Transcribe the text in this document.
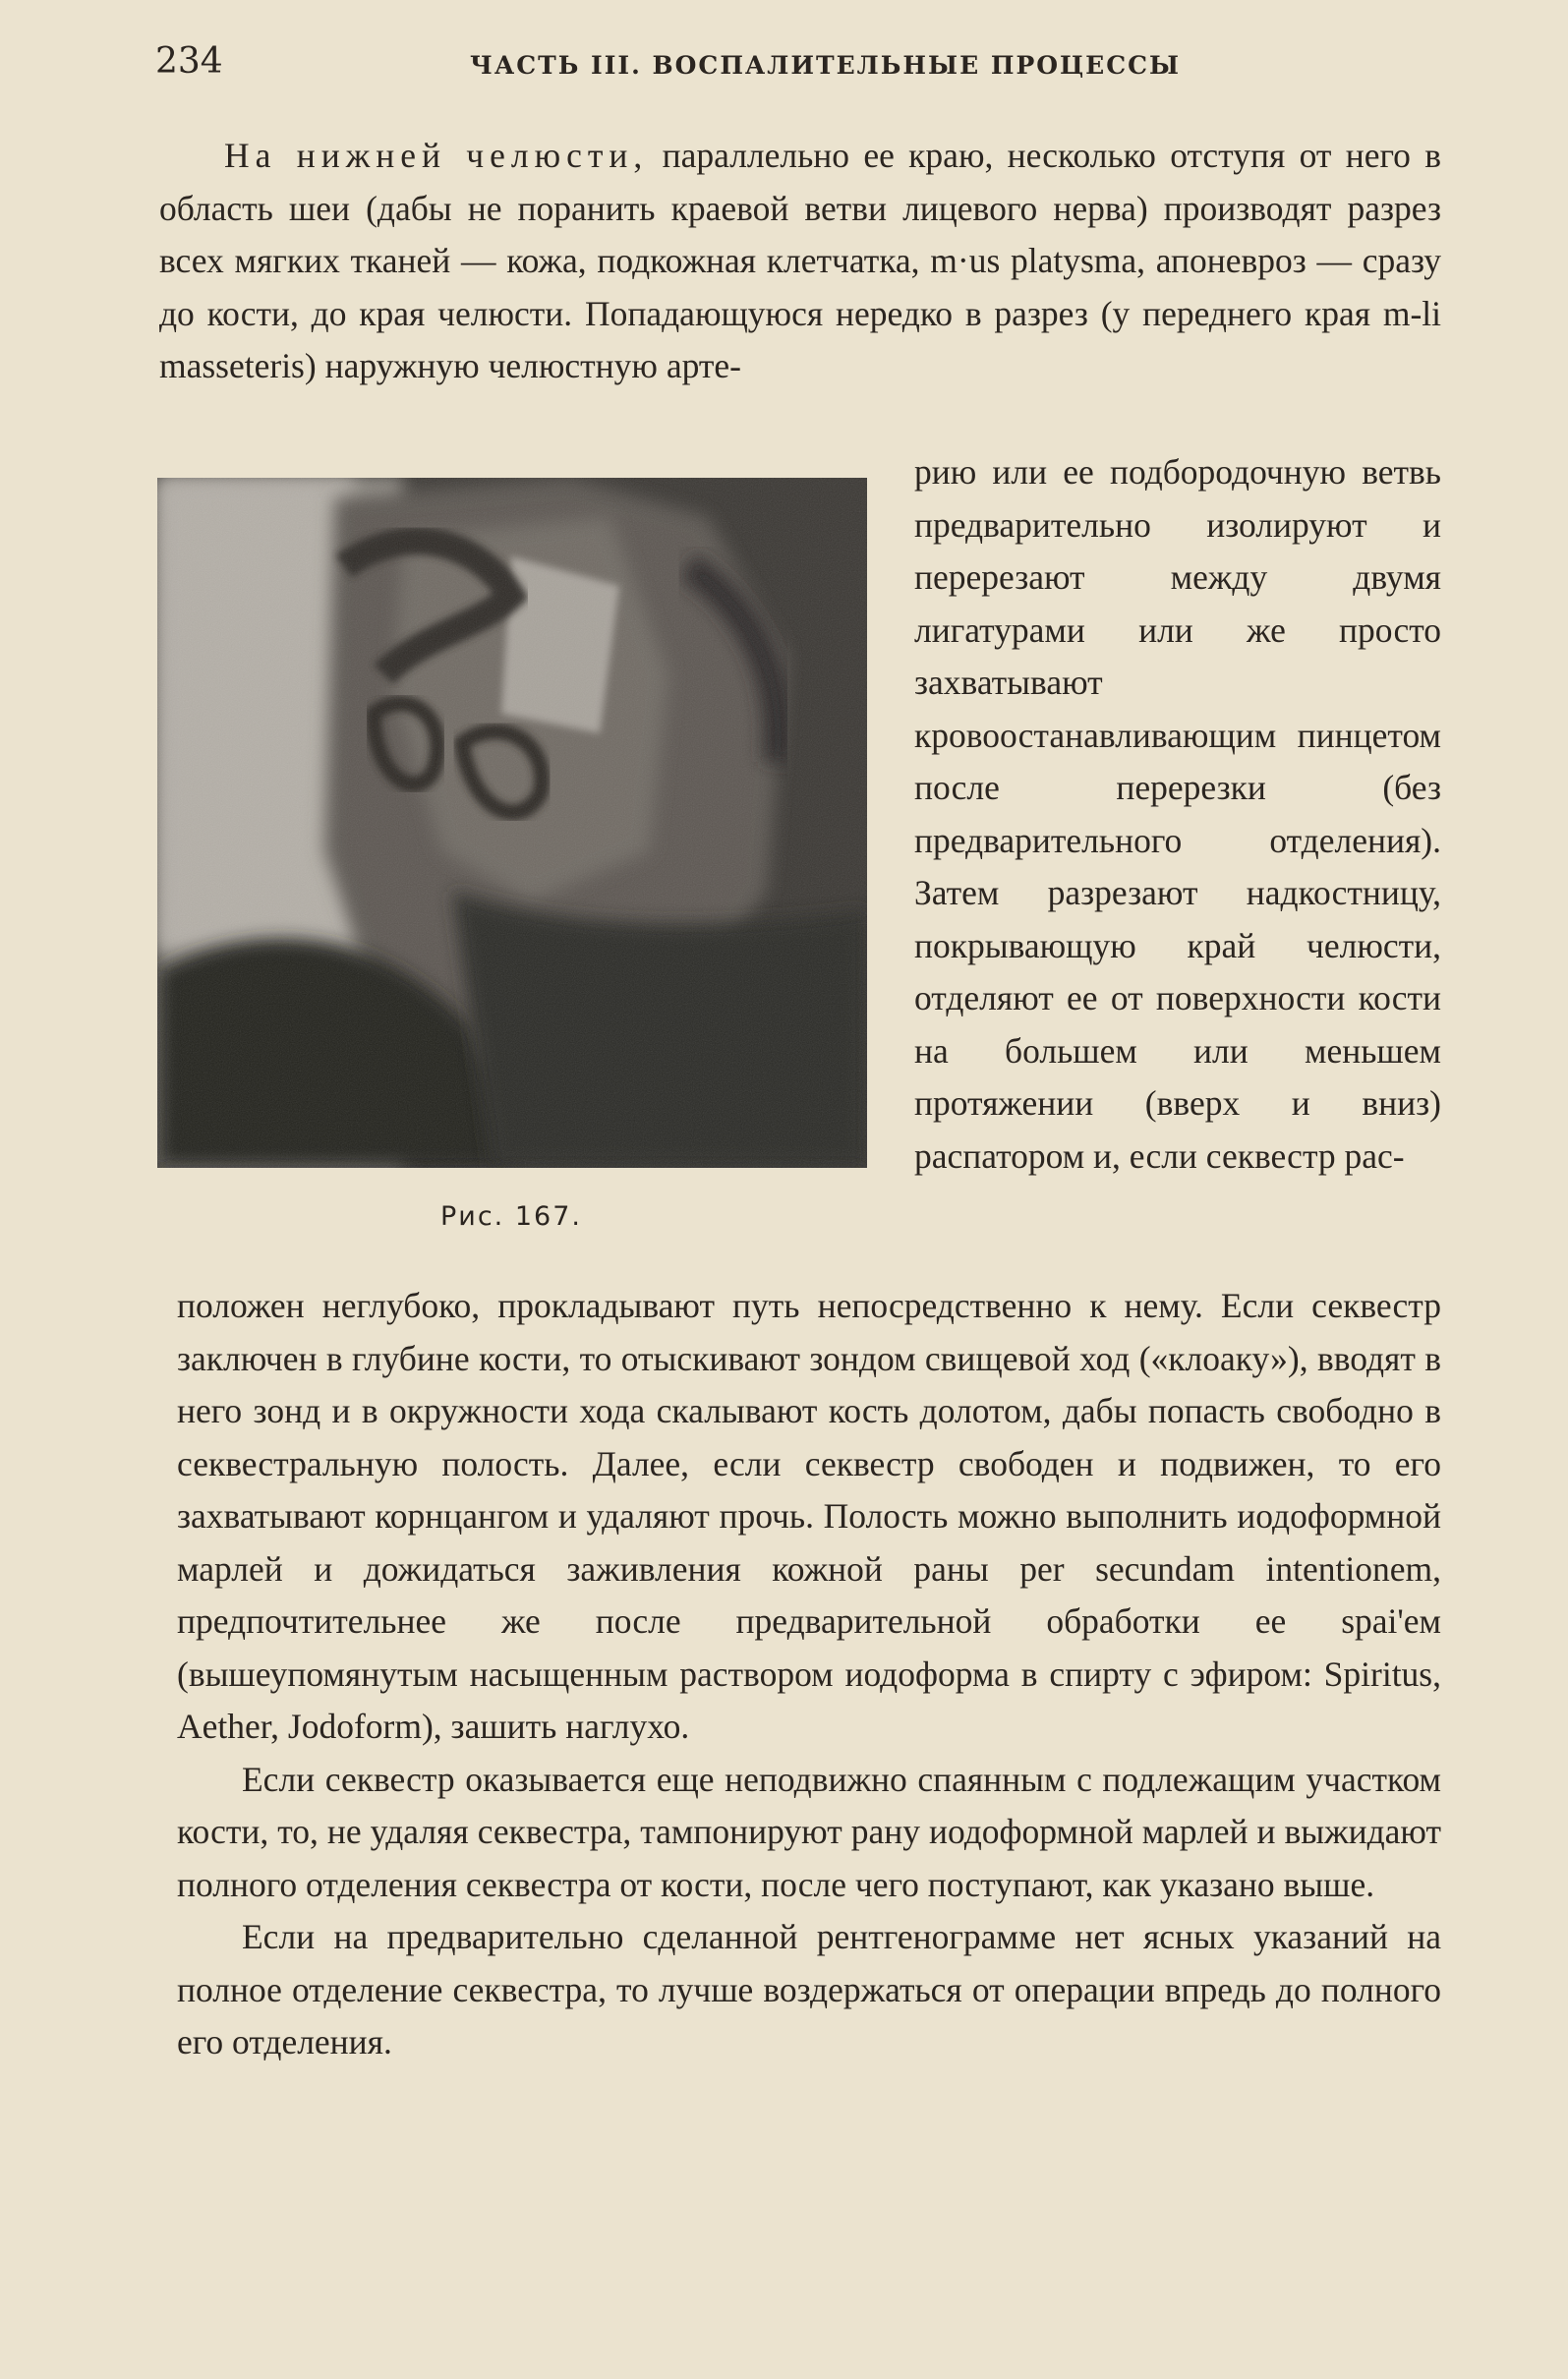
234	ЧАСТЬ III. ВОСПАЛИТЕЛЬНЫЕ ПРОЦЕССЫ

На нижней челюсти, параллельно ее краю, несколько отступя от него в область шеи (дабы не поранить краевой ветви лицевого нерва) производят разрез всех мягких тканей — кожа, подкожная клетчатка, m·us platysma, апоневроз — сразу до кости, до края челюсти. Попадающуюся нередко в разрез (у переднего края m-li masseteris) наружную челюстную арте-

Рис. 167.

рию или ее подбородочную ветвь предварительно изолируют и перерезают между двумя лигатурами или же просто захватывают кровоостанавливающим пинцетом после перерезки (без предварительного отделения). Затем разрезают надкостницу, покрывающую край челюсти, отделяют ее от поверхности кости на большем или меньшем протяжении (вверх и вниз) распатором и, если секвестр рас-

положен неглубоко, прокладывают путь непосредственно к нему. Если секвестр заключен в глубине кости, то отыскивают зондом свищевой ход («клоаку»), вводят в него зонд и в окружности хода скалывают кость долотом, дабы попасть свободно в секвестральную полость. Далее, если секвестр свободен и подвижен, то его захватывают корнцангом и удаляют прочь. Полость можно выполнить иодоформной марлей и дожидаться заживления кожной раны per secundam intentionem, предпочтительнее же после предварительной обработки ее spai'ем (вышеупомянутым насыщенным раствором иодоформа в спирту с эфиром: Spiritus, Aether, Jodoform), зашить наглухо.

Если секвестр оказывается еще неподвижно спаянным с подлежащим участком кости, то, не удаляя секвестра, тампонируют рану иодоформной марлей и выжидают полного отделения секвестра от кости, после чего поступают, как указано выше.

Если на предварительно сделанной рентгенограмме нет ясных указаний на полное отделение секвестра, то лучше воздержаться от операции впредь до полного его отделения.
